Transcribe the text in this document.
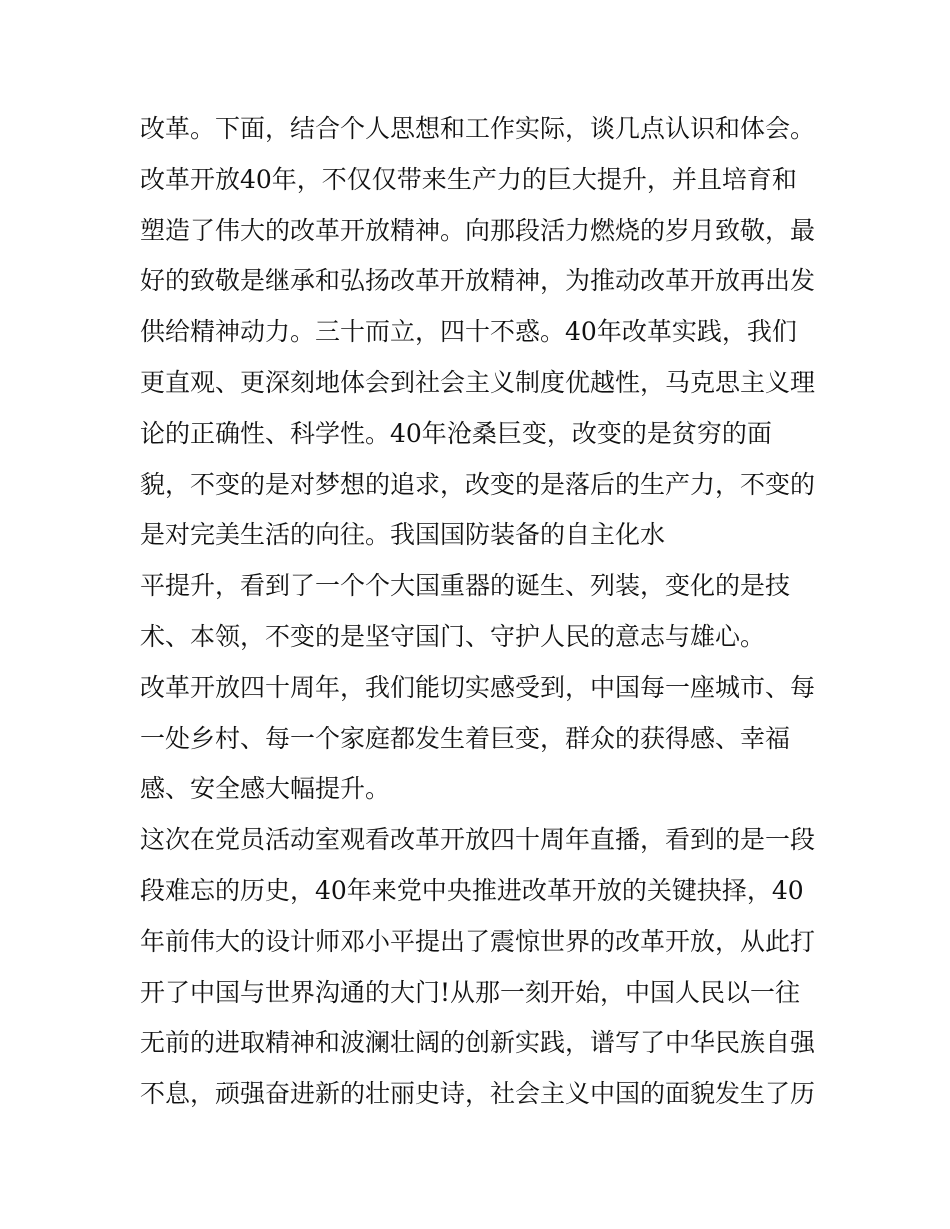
改革。下面，结合个人思想和工作实际，谈几点认识和体会。
改革开放40年，不仅仅带来生产力的巨大提升，并且培育和
塑造了伟大的改革开放精神。向那段活力燃烧的岁月致敬，最
好的致敬是继承和弘扬改革开放精神，为推动改革开放再出发
供给精神动力。三十而立，四十不惑。40年改革实践，我们
更直观、更深刻地体会到社会主义制度优越性，马克思主义理
论的正确性、科学性。40年沧桑巨变，改变的是贫穷的面
貌，不变的是对梦想的追求，改变的是落后的生产力，不变的
是对完美生活的向往。我国国防装备的自主化水
平提升，看到了一个个大国重器的诞生、列装，变化的是技
术、本领，不变的是坚守国门、守护人民的意志与雄心。
改革开放四十周年，我们能切实感受到，中国每一座城市、每
一处乡村、每一个家庭都发生着巨变，群众的获得感、幸福
感、安全感大幅提升。
这次在党员活动室观看改革开放四十周年直播，看到的是一段
段难忘的历史，40年来党中央推进改革开放的关键抉择，40
年前伟大的设计师邓小平提出了震惊世界的改革开放，从此打
开了中国与世界沟通的大门!从那一刻开始，中国人民以一往
无前的进取精神和波澜壮阔的创新实践，谱写了中华民族自强
不息，顽强奋进新的壮丽史诗，社会主义中国的面貌发生了历
